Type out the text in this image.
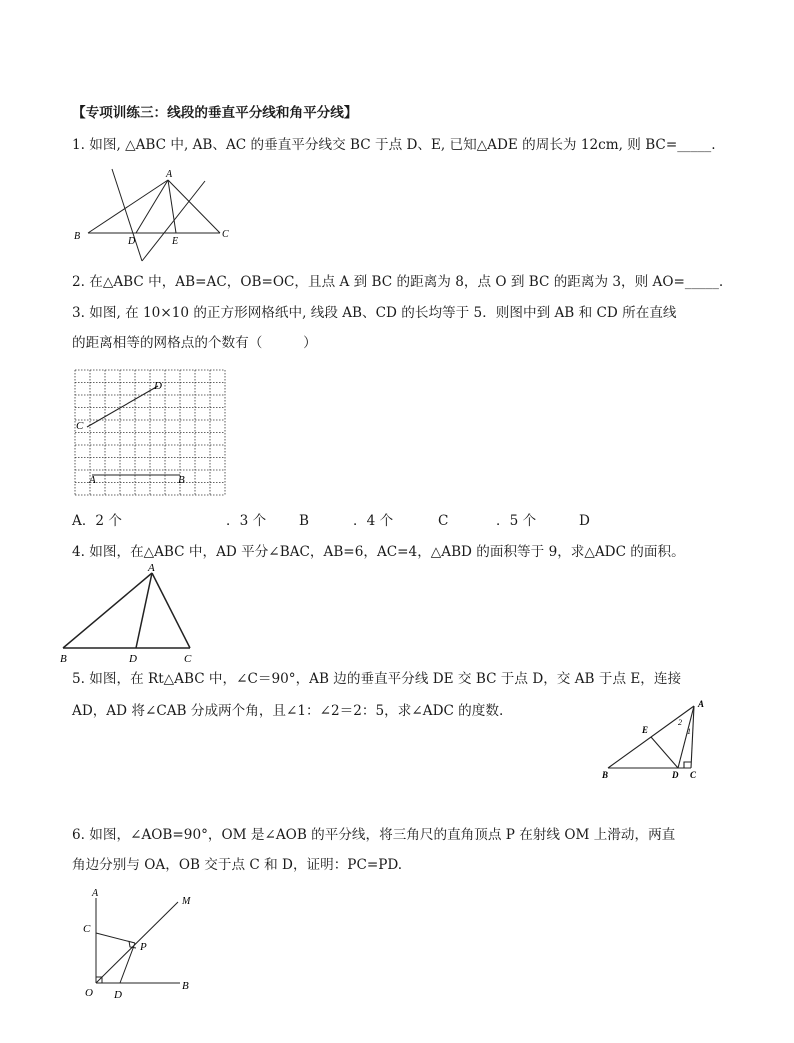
【专项训练三：线段的垂直平分线和角平分线】
1. 如图, △ABC 中, AB、AC 的垂直平分线交 BC 于点 D、E, 已知△ADE 的周长为 12cm, 则 BC=_____.
A
B	C
D	E
2. 在△ABC 中，AB=AC，OB=OC，且点 A 到 BC 的距离为 8，点 O 到 BC 的距离为 3，则 AO=_____.
3. 如图, 在 10×10 的正方形网格纸中, 线段 AB、CD 的长均等于 5．则图中到 AB 和 CD 所在直线
的距离相等的网格点的个数有（　　　）
D
C
A	B
A．2 个	．3 个 B	．4 个	C	．5 个	D
4. 如图，在△ABC 中，AD 平分∠BAC，AB=6，AC=4，△ABD 的面积等于 9，求△ADC 的面积。
A
B	D	C
5. 如图，在 Rt△ABC 中，∠C＝90°，AB 边的垂直平分线 DE 交 BC 于点 D，交 AB 于点 E，连接
AD，AD 将∠CAB 分成两个角，且∠1：∠2＝2：5，求∠ADC 的度数.	A
E
2
1
B	D C
6. 如图，∠AOB=90°，OM 是∠AOB 的平分线，将三角尺的直角顶点 P 在射线 OM 上滑动，两直
角边分别与 OA，OB 交于点 C 和 D，证明：PC=PD.
A
M
C
P
O D
B
